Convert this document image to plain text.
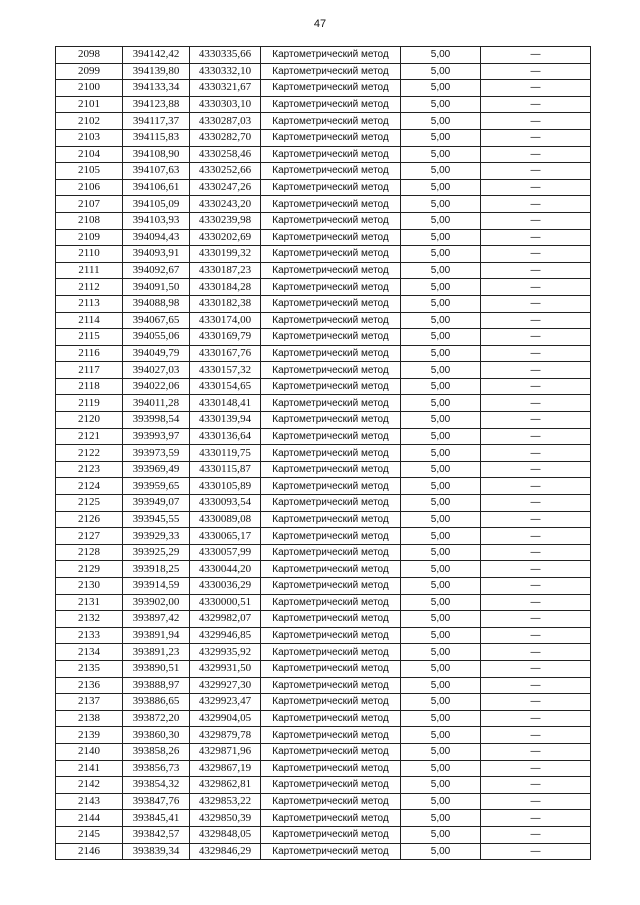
47
2098	394142,42	4330335,66	Картометрический метод	5,00	—
2099	394139,80	4330332,10	Картометрический метод	5,00	—
2100	394133,34	4330321,67	Картометрический метод	5,00	—
2101	394123,88	4330303,10	Картометрический метод	5,00	—
2102	394117,37	4330287,03	Картометрический метод	5,00	—
2103	394115,83	4330282,70	Картометрический метод	5,00	—
2104	394108,90	4330258,46	Картометрический метод	5,00	—
2105	394107,63	4330252,66	Картометрический метод	5,00	—
2106	394106,61	4330247,26	Картометрический метод	5,00	—
2107	394105,09	4330243,20	Картометрический метод	5,00	—
2108	394103,93	4330239,98	Картометрический метод	5,00	—
2109	394094,43	4330202,69	Картометрический метод	5,00	—
2110	394093,91	4330199,32	Картометрический метод	5,00	—
2111	394092,67	4330187,23	Картометрический метод	5,00	—
2112	394091,50	4330184,28	Картометрический метод	5,00	—
2113	394088,98	4330182,38	Картометрический метод	5,00	—
2114	394067,65	4330174,00	Картометрический метод	5,00	—
2115	394055,06	4330169,79	Картометрический метод	5,00	—
2116	394049,79	4330167,76	Картометрический метод	5,00	—
2117	394027,03	4330157,32	Картометрический метод	5,00	—
2118	394022,06	4330154,65	Картометрический метод	5,00	—
2119	394011,28	4330148,41	Картометрический метод	5,00	—
2120	393998,54	4330139,94	Картометрический метод	5,00	—
2121	393993,97	4330136,64	Картометрический метод	5,00	—
2122	393973,59	4330119,75	Картометрический метод	5,00	—
2123	393969,49	4330115,87	Картометрический метод	5,00	—
2124	393959,65	4330105,89	Картометрический метод	5,00	—
2125	393949,07	4330093,54	Картометрический метод	5,00	—
2126	393945,55	4330089,08	Картометрический метод	5,00	—
2127	393929,33	4330065,17	Картометрический метод	5,00	—
2128	393925,29	4330057,99	Картометрический метод	5,00	—
2129	393918,25	4330044,20	Картометрический метод	5,00	—
2130	393914,59	4330036,29	Картометрический метод	5,00	—
2131	393902,00	4330000,51	Картометрический метод	5,00	—
2132	393897,42	4329982,07	Картометрический метод	5,00	—
2133	393891,94	4329946,85	Картометрический метод	5,00	—
2134	393891,23	4329935,92	Картометрический метод	5,00	—
2135	393890,51	4329931,50	Картометрический метод	5,00	—
2136	393888,97	4329927,30	Картометрический метод	5,00	—
2137	393886,65	4329923,47	Картометрический метод	5,00	—
2138	393872,20	4329904,05	Картометрический метод	5,00	—
2139	393860,30	4329879,78	Картометрический метод	5,00	—
2140	393858,26	4329871,96	Картометрический метод	5,00	—
2141	393856,73	4329867,19	Картометрический метод	5,00	—
2142	393854,32	4329862,81	Картометрический метод	5,00	—
2143	393847,76	4329853,22	Картометрический метод	5,00	—
2144	393845,41	4329850,39	Картометрический метод	5,00	—
2145	393842,57	4329848,05	Картометрический метод	5,00	—
2146	393839,34	4329846,29	Картометрический метод	5,00	—
